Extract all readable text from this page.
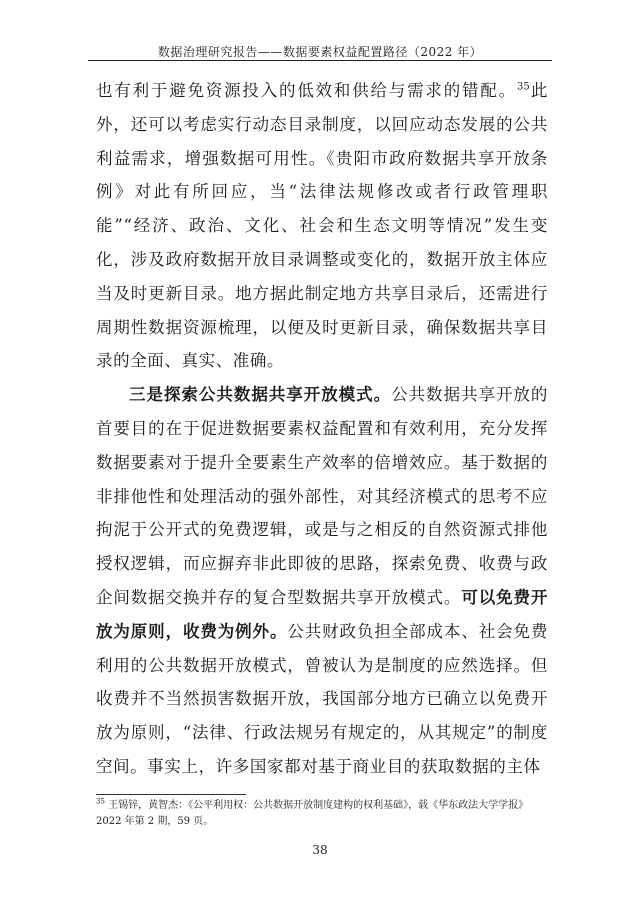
数据治理研究报告——数据要素权益配置路径（2022 年）

也有利于避免资源投入的低效和供给与需求的错配。$^{35}$此外，还可以考虑实行动态目录制度，以回应动态发展的公共利益需求，增强数据可用性。《贵阳市政府数据共享开放条例》对此有所回应，当“法律法规修改或者行政管理职能”“经济、政治、文化、社会和生态文明等情况”发生变化，涉及政府数据开放目录调整或变化的，数据开放主体应当及时更新目录。地方据此制定地方共享目录后，还需进行周期性数据资源梳理，以便及时更新目录，确保数据共享目录的全面、真实、准确。

三是探索公共数据共享开放模式。公共数据共享开放的首要目的在于促进数据要素权益配置和有效利用，充分发挥数据要素对于提升全要素生产效率的倍增效应。基于数据的非排他性和处理活动的强外部性，对其经济模式的思考不应拘泥于公开式的免费逻辑，或是与之相反的自然资源式排他授权逻辑，而应摒弃非此即彼的思路，探索免费、收费与政企间数据交换并存的复合型数据共享开放模式。可以免费开放为原则，收费为例外。公共财政负担全部成本、社会免费利用的公共数据开放模式，曾被认为是制度的应然选择。但收费并不当然损害数据开放，我国部分地方已确立以免费开放为原则，“法律、行政法规另有规定的，从其规定”的制度空间。事实上，许多国家都对基于商业目的获取数据的主体

$^{35}$ 王锡锌，黄智杰：《公平利用权：公共数据开放制度建构的权利基础》，载《华东政法大学学报》2022 年第 2 期，59 页。
38
